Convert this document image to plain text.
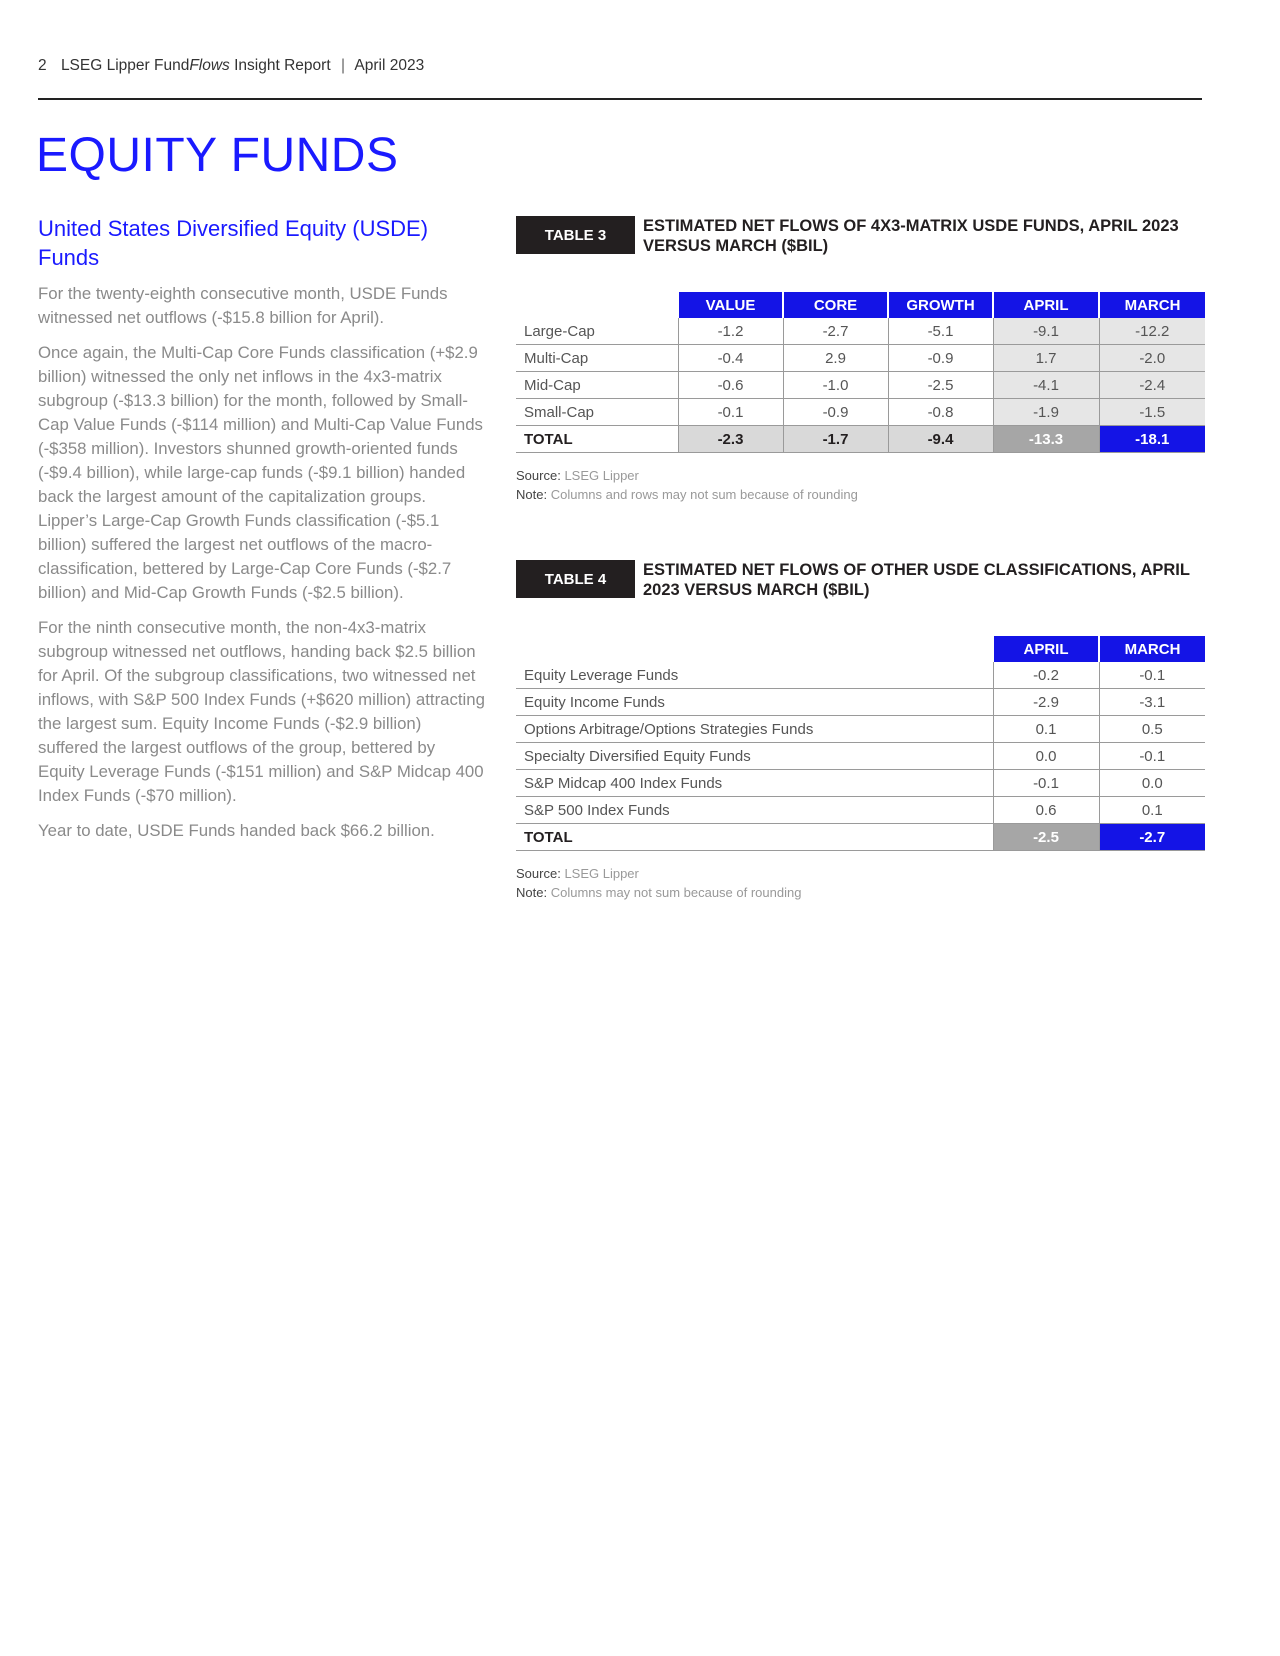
2 LSEG Lipper FundFlows Insight Report | April 2023
EQUITY FUNDS
United States Diversified Equity (USDE) Funds

For the twenty-eighth consecutive month, USDE Funds witnessed net outflows (-$15.8 billion for April).

Once again, the Multi-Cap Core Funds classification (+$2.9 billion) witnessed the only net inflows in the 4x3-matrix subgroup (-$13.3 billion) for the month, followed by Small-Cap Value Funds (-$114 million) and Multi-Cap Value Funds (-$358 million). Investors shunned growth-oriented funds (-$9.4 billion), while large-cap funds (-$9.1 billion) handed back the largest amount of the capitalization groups. Lipper’s Large-Cap Growth Funds classification (-$5.1 billion) suffered the largest net outflows of the macro-classification, bettered by Large-Cap Core Funds (-$2.7 billion) and Mid-Cap Growth Funds (-$2.5 billion).

For the ninth consecutive month, the non-4x3-matrix subgroup witnessed net outflows, handing back $2.5 billion for April. Of the subgroup classifications, two witnessed net inflows, with S&P 500 Index Funds (+$620 million) attracting the largest sum. Equity Income Funds (-$2.9 billion) suffered the largest outflows of the group, bettered by Equity Leverage Funds (-$151 million) and S&P Midcap 400 Index Funds (-$70 million).

Year to date, USDE Funds handed back $66.2 billion.

TABLE 3	ESTIMATED NET FLOWS OF 4X3-MATRIX USDE FUNDS, APRIL 2023 VERSUS MARCH ($BIL)
	VALUE	CORE	GROWTH	APRIL	MARCH
Large-Cap	-1.2	-2.7	-5.1	-9.1	-12.2
Multi-Cap	-0.4	2.9	-0.9	1.7	-2.0
Mid-Cap	-0.6	-1.0	-2.5	-4.1	-2.4
Small-Cap	-0.1	-0.9	-0.8	-1.9	-1.5
TOTAL	-2.3	-1.7	-9.4	-13.3	-18.1
Source: LSEG Lipper
Note: Columns and rows may not sum because of rounding
TABLE 4	ESTIMATED NET FLOWS OF OTHER USDE CLASSIFICATIONS, APRIL 2023 VERSUS MARCH ($BIL)
	APRIL	MARCH
Equity Leverage Funds	-0.2	-0.1
Equity Income Funds	-2.9	-3.1
Options Arbitrage/Options Strategies Funds	0.1	0.5
Specialty Diversified Equity Funds	0.0	-0.1
S&P Midcap 400 Index Funds	-0.1	0.0
S&P 500 Index Funds	0.6	0.1
TOTAL	-2.5	-2.7
Source: LSEG Lipper
Note: Columns may not sum because of rounding
